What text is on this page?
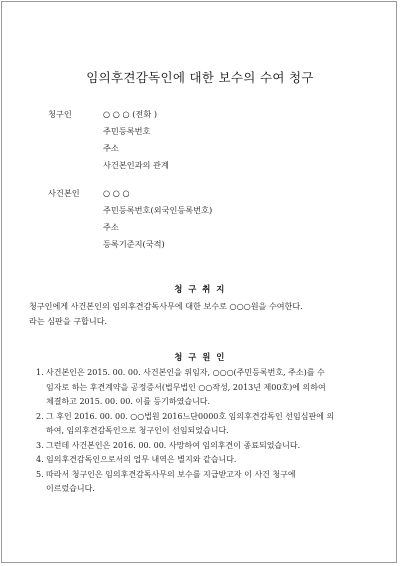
임의후견감독인에 대한 보수의 수여 청구
청구인	○ ○ ○ (전화 )
주민등록번호
주소
사건본인과의 관계
사건본인	○ ○ ○
주민등록번호(외국인등록번호)
주소
등록기준지(국적)
청 구 취 지
청구인에게 사건본인의 임의후견감독사무에 대한 보수로 ○○○원을 수여한다.
라는 심판을 구합니다.
청 구 원 인
1. 사건본인은 2015. 00. 00. 사건본인을 위임자, ○○○(주민등록번호, 주소)를 수
임자로 하는 후견계약을 공정증서(법무법인 ○○작성, 2013년 제00호)에 의하여
체결하고 2015. 00. 00. 이를 등기하였습니다.
2. 그 후인 2016. 00. 00. ○○법원 2016느단0000호 임의후견감독인 선임심판에 의
하여, 임의후견감독인으로 청구인이 선임되었습니다.
3. 그런데 사건본인은 2016. 00. 00. 사망하여 임의후견이 종료되었습니다.
4. 임의후견감독인으로서의 업무 내역은 별지와 같습니다.
5. 따라서 청구인은 임의후견감독사무의 보수를 지급받고자 이 사건 청구에
이르렀습니다.
